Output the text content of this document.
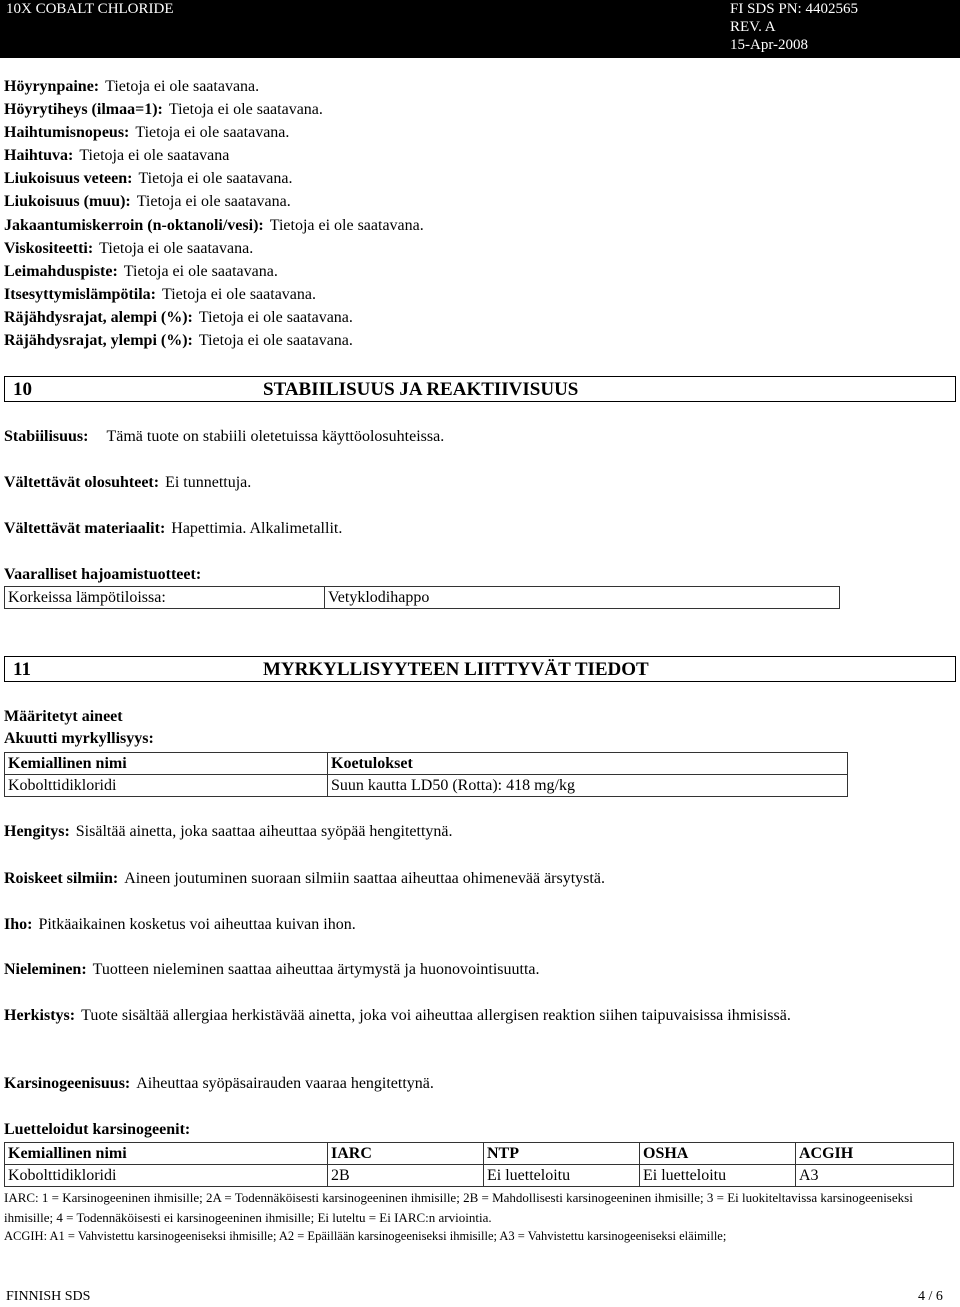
10X COBALT CHLORIDE	FI SDS PN: 4402565
REV. A
15-Apr-2008
Höyrynpaine: Tietoja ei ole saatavana.
Höyrytiheys (ilmaa=1): Tietoja ei ole saatavana.
Haihtumisnopeus: Tietoja ei ole saatavana.
Haihtuva: Tietoja ei ole saatavana
Liukoisuus veteen: Tietoja ei ole saatavana.
Liukoisuus (muu): Tietoja ei ole saatavana.
Jakaantumiskerroin (n-oktanoli/vesi): Tietoja ei ole saatavana.
Viskositeetti: Tietoja ei ole saatavana.
Leimahduspiste: Tietoja ei ole saatavana.
Itsesyttymislämpötila: Tietoja ei ole saatavana.
Räjähdysrajat, alempi (%): Tietoja ei ole saatavana.
Räjähdysrajat, ylempi (%): Tietoja ei ole saatavana.
10	STABIILISUUS JA REAKTIIVISUUS
Stabiilisuus: Tämä tuote on stabiili oletetuissa käyttöolosuhteissa.
Vältettävät olosuhteet: Ei tunnettuja.
Vältettävät materiaalit: Hapettimia. Alkalimetallit.
Vaaralliset hajoamistuotteet:
Korkeissa lämpötiloissa:	Vetyklodihappo
11	MYRKYLLISYYTEEN LIITTYVÄT TIEDOT
Määritetyt aineet
Akuutti myrkyllisyys:
Kemiallinen nimi	Koetulokset
Kobolttidikloridi	Suun kautta LD50 (Rotta): 418 mg/kg
Hengitys: Sisältää ainetta, joka saattaa aiheuttaa syöpää hengitettynä.
Roiskeet silmiin: Aineen joutuminen suoraan silmiin saattaa aiheuttaa ohimenevää ärsytystä.
Iho: Pitkäaikainen kosketus voi aiheuttaa kuivan ihon.
Nieleminen: Tuotteen nieleminen saattaa aiheuttaa ärtymystä ja huonovointisuutta.
Herkistys: Tuote sisältää allergiaa herkistävää ainetta, joka voi aiheuttaa allergisen reaktion siihen taipuvaisissa ihmisissä.
Karsinogeenisuus: Aiheuttaa syöpäsairauden vaaraa hengitettynä.
Luetteloidut karsinogeenit:
Kemiallinen nimi	IARC	NTP	OSHA	ACGIH
Kobolttidikloridi	2B	Ei luetteloitu	Ei luetteloitu	A3
IARC: 1 = Karsinogeeninen ihmisille; 2A = Todennäköisesti karsinogeeninen ihmisille; 2B = Mahdollisesti karsinogeeninen ihmisille; 3 = Ei luokiteltavissa karsinogeeniseksi ihmisille; 4 = Todennäköisesti ei karsinogeeninen ihmisille; Ei luteltu = Ei IARC:n arviointia.
ACGIH: A1 = Vahvistettu karsinogeeniseksi ihmisille; A2 = Epäillään karsinogeeniseksi ihmisille; A3 = Vahvistettu karsinogeeniseksi eläimille;
FINNISH SDS	4 / 6
